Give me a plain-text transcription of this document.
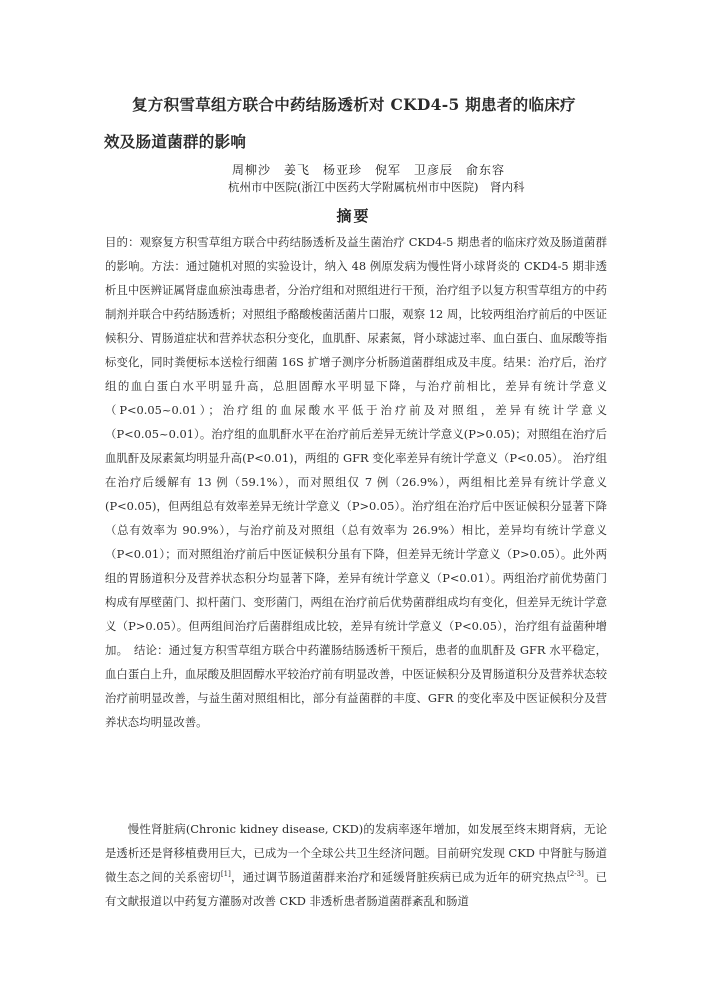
复方积雪草组方联合中药结肠透析对 CKD4-5 期患者的临床疗
效及肠道菌群的影响
周柳沙　姜飞　杨亚珍　倪军　卫彦辰　俞东容
杭州市中医院(浙江中医药大学附属杭州市中医院)　肾内科
摘要
目的：观察复方积雪草组方联合中药结肠透析及益生菌治疗 CKD4-5 期患者的临床疗效及肠道菌群的影响。方法：通过随机对照的实验设计，纳入 48 例原发病为慢性肾小球肾炎的 CKD4-5 期非透析且中医辨证属肾虚血瘀浊毒患者，分治疗组和对照组进行干预，治疗组予以复方积雪草组方的中药制剂并联合中药结肠透析；对照组予酪酸梭菌活菌片口服，观察 12 周，比较两组治疗前后的中医证候积分、胃肠道症状和营养状态积分变化，血肌酐、尿素氮，肾小球滤过率、血白蛋白、血尿酸等指标变化，同时粪便标本送检行细菌 16S 扩增子测序分析肠道菌群组成及丰度。结果：治疗后，治疗组的血白蛋白水平明显升高，总胆固醇水平明显下降，与治疗前相比，差异有统计学意义（P<0.05~0.01）；治疗组的血尿酸水平低于治疗前及对照组，差异有统计学意义（P<0.05~0.01）。治疗组的血肌酐水平在治疗前后差异无统计学意义(P>0.05)；对照组在治疗后血肌酐及尿素氮均明显升高(P<0.01)，两组的 GFR 变化率差异有统计学意义（P<0.05）。 治疗组在治疗后缓解有 13 例（59.1%），而对照组仅 7 例（26.9%），两组相比差异有统计学意义(P<0.05)，但两组总有效率差异无统计学意义（P>0.05）。治疗组在治疗后中医证候积分显著下降（总有效率为 90.9%），与治疗前及对照组（总有效率为 26.9%）相比，差异均有统计学意义（P<0.01）；而对照组治疗前后中医证候积分虽有下降，但差异无统计学意义（P>0.05）。此外两组的胃肠道积分及营养状态积分均显著下降，差异有统计学意义（P<0.01）。两组治疗前优势菌门构成有厚壁菌门、拟杆菌门、变形菌门，两组在治疗前后优势菌群组成均有变化，但差异无统计学意义（P>0.05）。但两组间治疗后菌群组成比较，差异有统计学意义（P<0.05），治疗组有益菌种增加。　结论：通过复方积雪草组方联合中药灌肠结肠透析干预后，患者的血肌酐及 GFR 水平稳定，血白蛋白上升，血尿酸及胆固醇水平较治疗前有明显改善，中医证候积分及胃肠道积分及营养状态较治疗前明显改善，与益生菌对照组相比，部分有益菌群的丰度、GFR 的变化率及中医证候积分及营养状态均明显改善。
慢性肾脏病(Chronic kidney disease, CKD)的发病率逐年增加，如发展至终末期肾病，无论是透析还是肾移植费用巨大，已成为一个全球公共卫生经济问题。目前研究发现 CKD 中肾脏与肠道微生态之间的关系密切[1]，通过调节肠道菌群来治疗和延缓肾脏疾病已成为近年的研究热点[2-3]。已有文献报道以中药复方灌肠对改善 CKD 非透析患者肠道菌群紊乱和肠道
